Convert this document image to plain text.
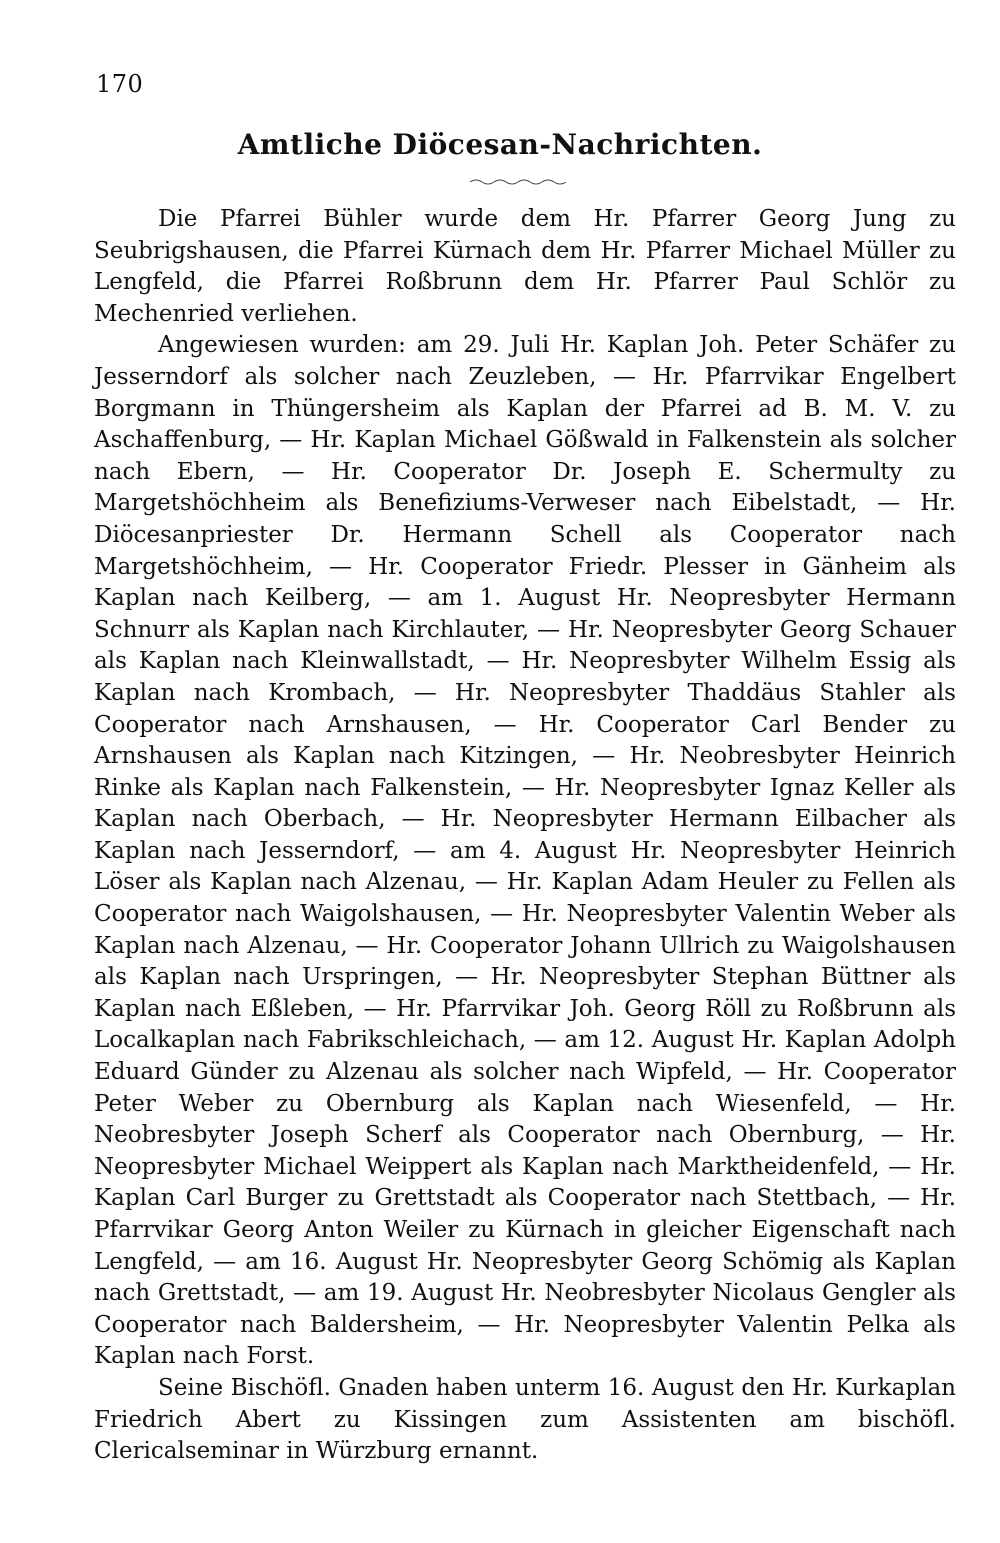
170
Amtliche Diöcesan-Nachrichten.

Die Pfarrei Bühler wurde dem Hr. Pfarrer Georg Jung zu Seubrigshausen, die Pfarrei Kürnach dem Hr. Pfarrer Michael Müller zu Lengfeld, die Pfarrei Roßbrunn dem Hr. Pfarrer Paul Schlör zu Mechenried verliehen.

Angewiesen wurden: am 29. Juli Hr. Kaplan Joh. Peter Schäfer zu Jesserndorf als solcher nach Zeuzleben, — Hr. Pfarrvikar Engelbert Borgmann in Thüngersheim als Kaplan der Pfarrei ad B. M. V. zu Aschaffenburg, — Hr. Kaplan Michael Gößwald in Falkenstein als solcher nach Ebern, — Hr. Cooperator Dr. Joseph E. Schermulty zu Margetshöchheim als Benefiziums-Verweser nach Eibelstadt, — Hr. Diöcesanpriester Dr. Hermann Schell als Cooperator nach Margetshöchheim, — Hr. Cooperator Friedr. Plesser in Gänheim als Kaplan nach Keilberg, — am 1. August Hr. Neopresbyter Hermann Schnurr als Kaplan nach Kirchlauter, — Hr. Neopresbyter Georg Schauer als Kaplan nach Kleinwallstadt, — Hr. Neopresbyter Wilhelm Essig als Kaplan nach Krombach, — Hr. Neopresbyter Thaddäus Stahler als Cooperator nach Arnshausen, — Hr. Cooperator Carl Bender zu Arnshausen als Kaplan nach Kitzingen, — Hr. Neobresbyter Heinrich Rinke als Kaplan nach Falkenstein, — Hr. Neopresbyter Ignaz Keller als Kaplan nach Oberbach, — Hr. Neopresbyter Hermann Eilbacher als Kaplan nach Jesserndorf, — am 4. August Hr. Neopresbyter Heinrich Löser als Kaplan nach Alzenau, — Hr. Kaplan Adam Heuler zu Fellen als Cooperator nach Waigolshausen, — Hr. Neopresbyter Valentin Weber als Kaplan nach Alzenau, — Hr. Cooperator Johann Ullrich zu Waigolshausen als Kaplan nach Urspringen, — Hr. Neopresbyter Stephan Büttner als Kaplan nach Eßleben, — Hr. Pfarrvikar Joh. Georg Röll zu Roßbrunn als Localkaplan nach Fabrikschleichach, — am 12. August Hr. Kaplan Adolph Eduard Günder zu Alzenau als solcher nach Wipfeld, — Hr. Cooperator Peter Weber zu Obernburg als Kaplan nach Wiesenfeld, — Hr. Neobresbyter Joseph Scherf als Cooperator nach Obernburg, — Hr. Neopresbyter Michael Weippert als Kaplan nach Marktheidenfeld, — Hr. Kaplan Carl Burger zu Grettstadt als Cooperator nach Stettbach, — Hr. Pfarrvikar Georg Anton Weiler zu Kürnach in gleicher Eigenschaft nach Lengfeld, — am 16. August Hr. Neopresbyter Georg Schömig als Kaplan nach Grettstadt, — am 19. August Hr. Neobresbyter Nicolaus Gengler als Cooperator nach Baldersheim, — Hr. Neopresbyter Valentin Pelka als Kaplan nach Forst.

Seine Bischöfl. Gnaden haben unterm 16. August den Hr. Kurkaplan Friedrich Abert zu Kissingen zum Assistenten am bischöfl. Clericalseminar in Würzburg ernannt.
